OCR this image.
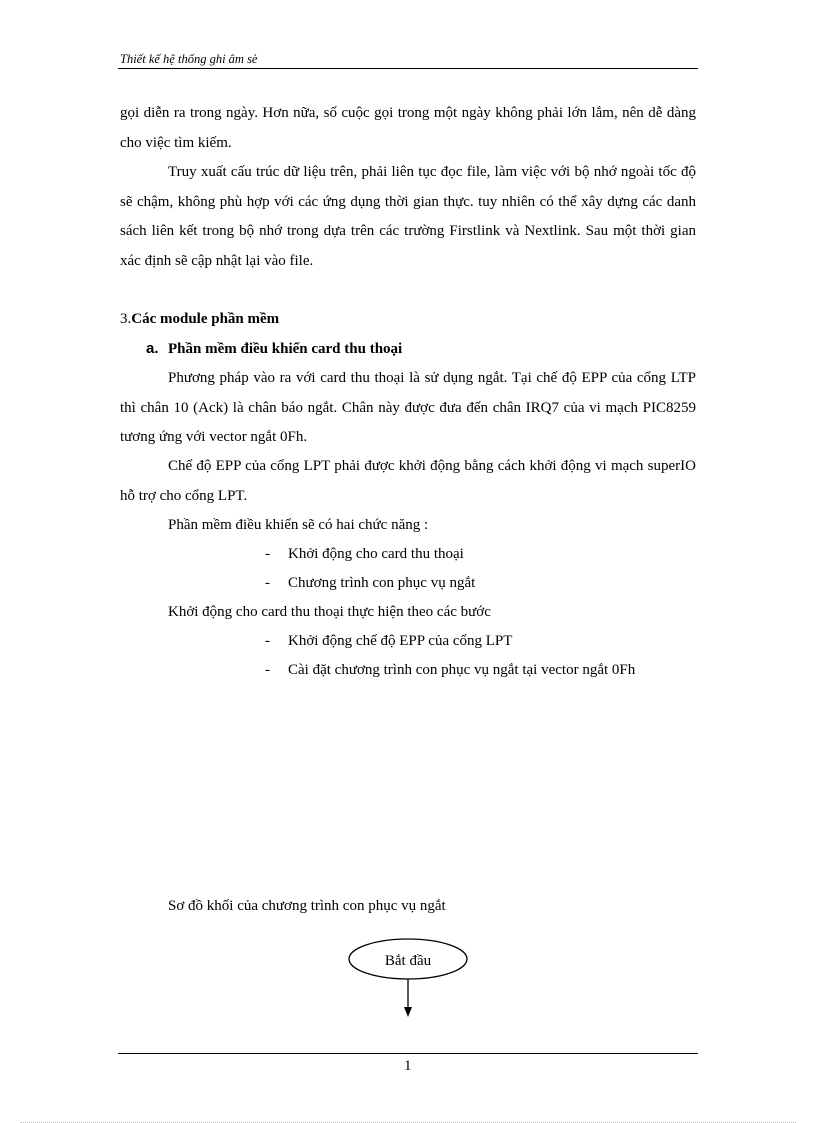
Thiết kế hệ thống ghi âm sè

gọi diễn ra trong ngày. Hơn nữa, số cuộc gọi trong một ngày không phải lớn lắm, nên dễ dàng cho việc tìm kiếm.

Truy xuất cấu trúc dữ liệu trên, phải liên tục đọc file, làm việc với bộ nhớ ngoài tốc độ sẽ chậm, không phù hợp với các ứng dụng thời gian thực. tuy nhiên có thể xây dựng các danh sách liên kết trong bộ nhớ trong dựa trên các trường Firstlink và Nextlink. Sau một thời gian xác định sẽ cập nhật lại vào file.

3.Các module phần mềm
a. Phần mềm điều khiển card thu thoại

Phương pháp vào ra với card thu thoại là sử dụng ngắt. Tại chế độ EPP của cổng LTP thì chân 10 (Ack) là chân báo ngắt. Chân này được đưa đến chân IRQ7 của vi mạch PIC8259 tương ứng với vector ngắt 0Fh.

Chế độ EPP của cổng LPT phải được khởi động bằng cách khởi động vi mạch superIO hỗ trợ cho cổng LPT.

Phần mềm điều khiển sẽ có hai chức năng :
- Khởi động cho card thu thoại
- Chương trình con phục vụ ngắt
Khởi động cho card thu thoại thực hiện theo các bước
- Khởi động chế độ EPP của cổng LPT
- Cài đặt chương trình con phục vụ ngắt tại vector ngắt 0Fh
Sơ đồ khối của chương trình con phục vụ ngắt
Bắt đầu
1
